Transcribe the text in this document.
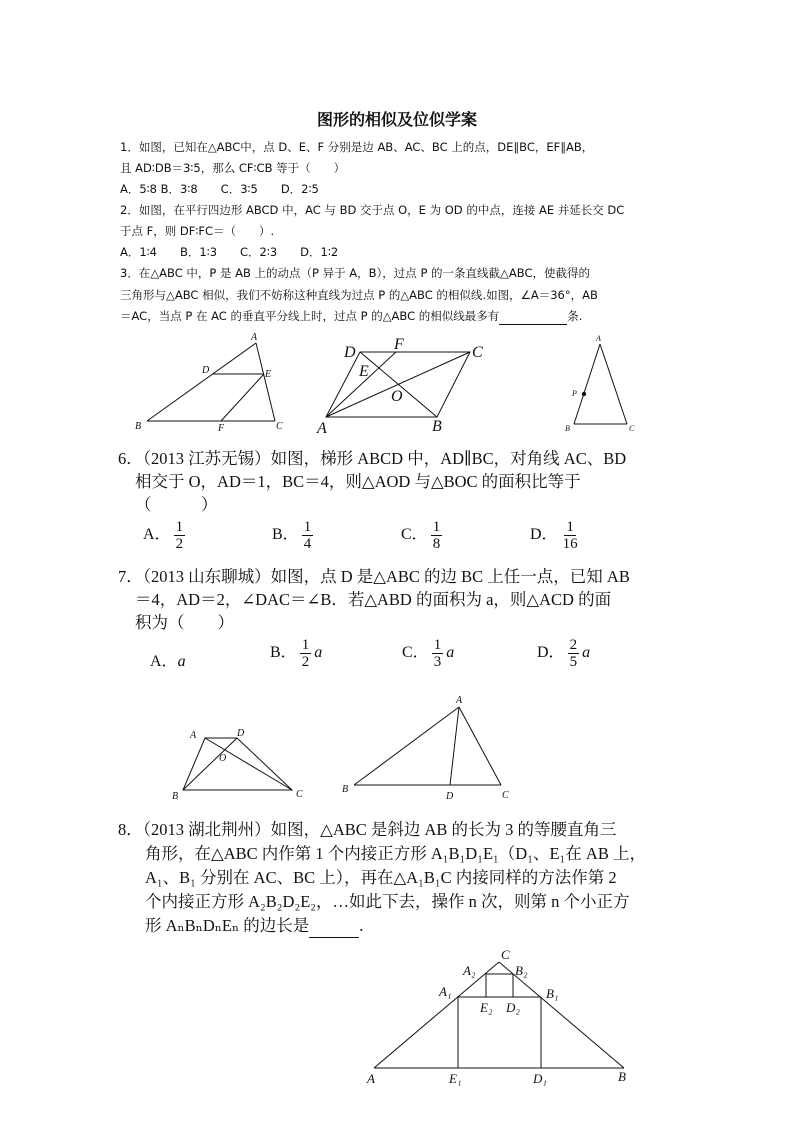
图形的相似及位似学案
1．如图，已知在△ABC中，点 D、E、F 分别是边 AB、AC、BC 上的点，DE∥BC，EF∥AB，
且 AD∶DB＝3∶5，那么 CF∶CB 等于（　　）
A．5∶8 B．3∶8　　C．3∶5　　D．2∶5
2．如图，在平行四边形 ABCD 中，AC 与 BD 交于点 O，E 为 OD 的中点，连接 AE 并延长交 DC
于点 F，则 DF∶FC＝（　　）.
A．1∶4　　B．1∶3　　C．2∶3　　D．1∶2
3．在△ABC 中，P 是 AB 上的动点（P 异于 A，B），过点 P 的一条直线截△ABC，使截得的
三角形与△ABC 相似，我们不妨称这种直线为过点 P 的△ABC 的相似线.如图，∠A＝36°，AB
＝AC，当点 P 在 AC 的垂直平分线上时，过点 P 的△ABC 的相似线最多有	条.
A
B	C
D	E
F	A	B
C
D
E
F
O
A
B	C
P
6．（2013 江苏无锡）如图，梯形 ABCD 中，AD∥BC，对角线 AC、BD
相交于 O，AD＝1，BC＝4，则△AOD 与△BOC 的面积比等于
（　　　）
A． $\frac{1}{2}$	B． $\frac{1}{4}$	C． $\frac{1}{8}$	D． $\frac{1}{16}$
7．（2013 山东聊城）如图，点 D 是△ABC 的边 BC 上任一点，已知 AB
＝4，AD＝2，∠DAC＝∠B．若△ABD 的面积为 a，则△ACD 的面
积为（　　）
A．a
B． $\frac{1}{2}$ a	C． $\frac{1}{3}$ a	D． $\frac{2}{5}$ a
A
B	C
D
O
A
B
C
D
8．（2013 湖北荆州）如图，△ABC 是斜边 AB 的长为 3 的等腰直角三
角形，在△ABC 内作第 1 个内接正方形 A₁B₁D₁E₁（D₁、E₁在 AB 上，
A₁、B₁ 分别在 AC、BC 上），再在△A₁B₁C 内接同样的方法作第 2
个内接正方形 A₂B₂D₂E₂，…如此下去，操作 n 次，则第 n 个小正方
形 AₙBₙDₙEₙ 的边长是	.
C
A₂	B₂
A₁	B₁
E₂ D₂
A	E₁	D₁	B
